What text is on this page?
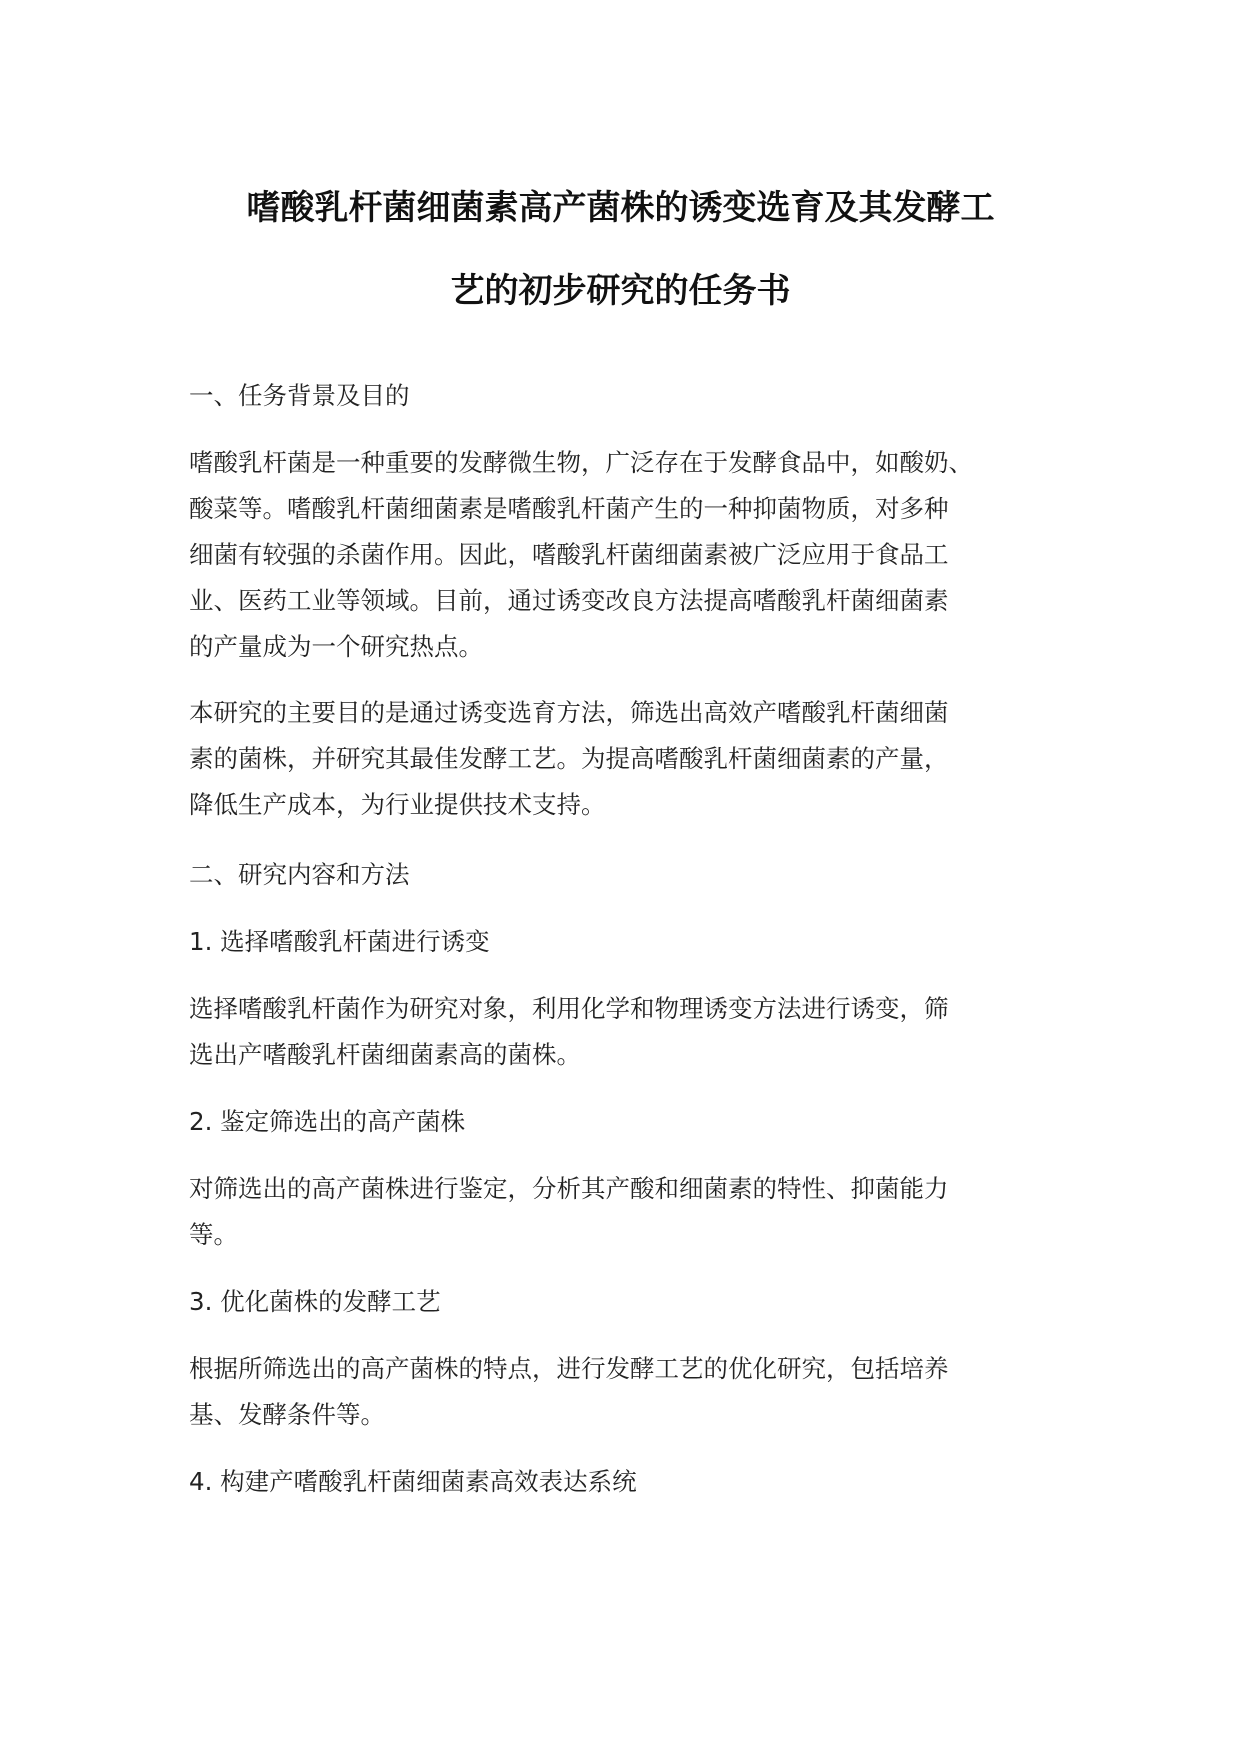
嗜酸乳杆菌细菌素高产菌株的诱变选育及其发酵工
艺的初步研究的任务书

一、任务背景及目的

嗜酸乳杆菌是一种重要的发酵微生物，广泛存在于发酵食品中，如酸奶、
酸菜等。嗜酸乳杆菌细菌素是嗜酸乳杆菌产生的一种抑菌物质，对多种
细菌有较强的杀菌作用。因此，嗜酸乳杆菌细菌素被广泛应用于食品工
业、医药工业等领域。目前，通过诱变改良方法提高嗜酸乳杆菌细菌素
的产量成为一个研究热点。

本研究的主要目的是通过诱变选育方法，筛选出高效产嗜酸乳杆菌细菌
素的菌株，并研究其最佳发酵工艺。为提高嗜酸乳杆菌细菌素的产量，
降低生产成本，为行业提供技术支持。

二、研究内容和方法

1. 选择嗜酸乳杆菌进行诱变

选择嗜酸乳杆菌作为研究对象，利用化学和物理诱变方法进行诱变，筛
选出产嗜酸乳杆菌细菌素高的菌株。

2. 鉴定筛选出的高产菌株

对筛选出的高产菌株进行鉴定，分析其产酸和细菌素的特性、抑菌能力
等。

3. 优化菌株的发酵工艺

根据所筛选出的高产菌株的特点，进行发酵工艺的优化研究，包括培养
基、发酵条件等。

4. 构建产嗜酸乳杆菌细菌素高效表达系统
